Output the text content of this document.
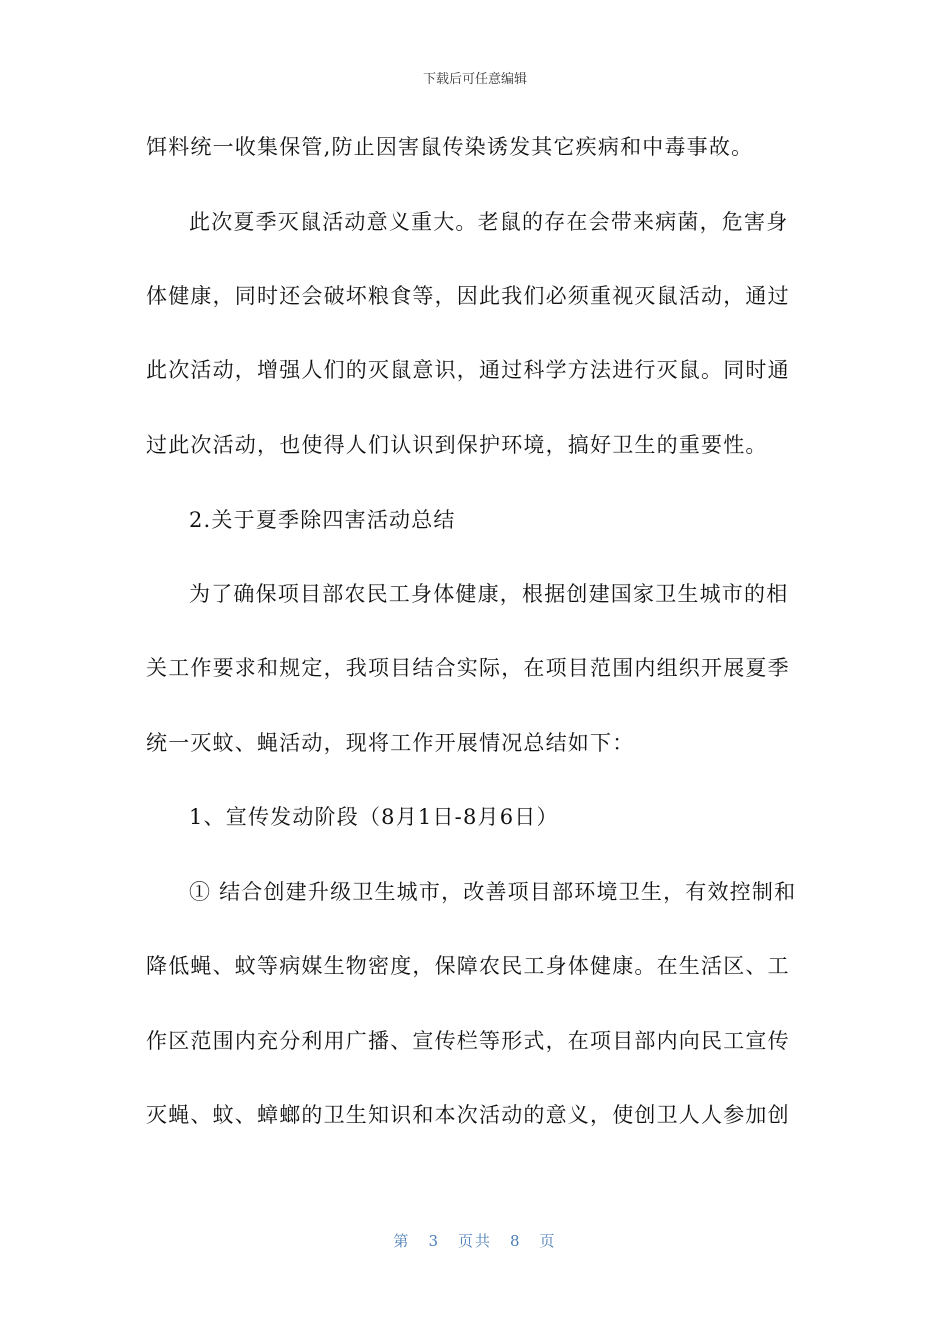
下载后可任意编辑
饵料统一收集保管,防止因害鼠传染诱发其它疾病和中毒事故。
此次夏季灭鼠活动意义重大。老鼠的存在会带来病菌，危害身
体健康，同时还会破坏粮食等，因此我们必须重视灭鼠活动，通过
此次活动，增强人们的灭鼠意识，通过科学方法进行灭鼠。同时通
过此次活动，也使得人们认识到保护环境，搞好卫生的重要性。
2.关于夏季除四害活动总结
为了确保项目部农民工身体健康，根据创建国家卫生城市的相
关工作要求和规定，我项目结合实际，在项目范围内组织开展夏季
统一灭蚊、蝇活动，现将工作开展情况总结如下：
1、宣传发动阶段（8月1日-8月6日）
① 结合创建升级卫生城市，改善项目部环境卫生，有效控制和
降低蝇、蚊等病媒生物密度，保障农民工身体健康。在生活区、工
作区范围内充分利用广播、宣传栏等形式，在项目部内向民工宣传
灭蝇、蚊、蟑螂的卫生知识和本次活动的意义，使创卫人人参加创
第 3 页共 8 页
